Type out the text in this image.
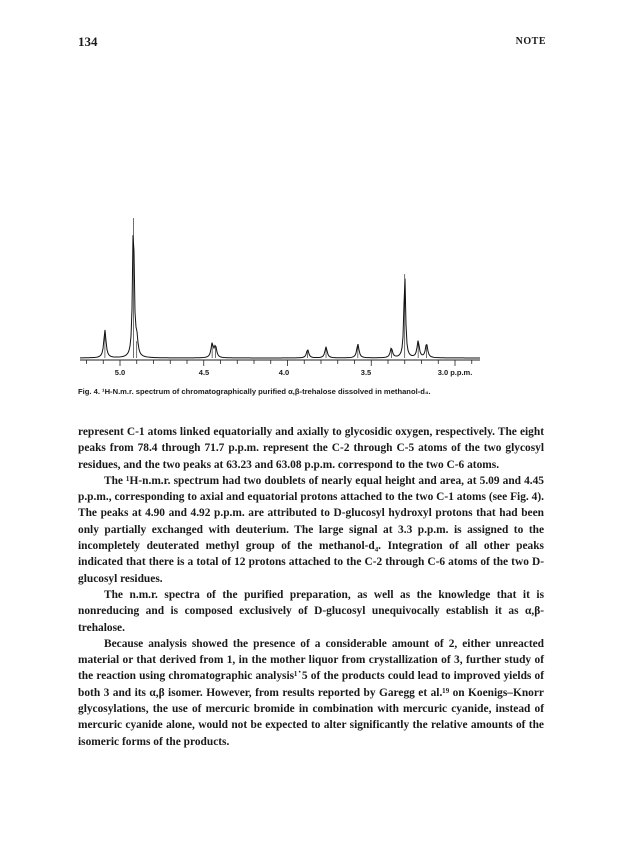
134	NOTE
5.0	4.5	4.0	3.5	3.0 p.p.m.
Fig. 4. ¹H-N.m.r. spectrum of chromatographically purified α,β-trehalose dissolved in methanol-d₄.

represent C-1 atoms linked equatorially and axially to glycosidic oxygen, respectively. The eight peaks from 78.4 through 71.7 p.p.m. represent the C-2 through C-5 atoms of the two glycosyl residues, and the two peaks at 63.23 and 63.08 p.p.m. correspond to the two C-6 atoms.

The ¹H-n.m.r. spectrum had two doublets of nearly equal height and area, at 5.09 and 4.45 p.p.m., corresponding to axial and equatorial protons attached to the two C-1 atoms (see Fig. 4). The peaks at 4.90 and 4.92 p.p.m. are attributed to D-glucosyl hydroxyl protons that had been only partially exchanged with deuterium. The large signal at 3.3 p.p.m. is assigned to the incompletely deuterated methyl group of the methanol-d₄. Integration of all other peaks indicated that there is a total of 12 protons attached to the C-2 through C-6 atoms of the two D-glucosyl residues.

The n.m.r. spectra of the purified preparation, as well as the knowledge that it is nonreducing and is composed exclusively of D-glucosyl unequivocally establish it as α,β-trehalose.

Because analysis showed the presence of a considerable amount of 2, either unreacted material or that derived from 1, in the mother liquor from crystallization of 3, further study of the reaction using chromatographic analysis¹˙5 of the products could lead to improved yields of both 3 and its α,β isomer. However, from results reported by Garegg et al.¹⁹ on Koenigs–Knorr glycosylations, the use of mercuric bromide in combination with mercuric cyanide, instead of mercuric cyanide alone, would not be expected to alter significantly the relative amounts of the isomeric forms of the products.
